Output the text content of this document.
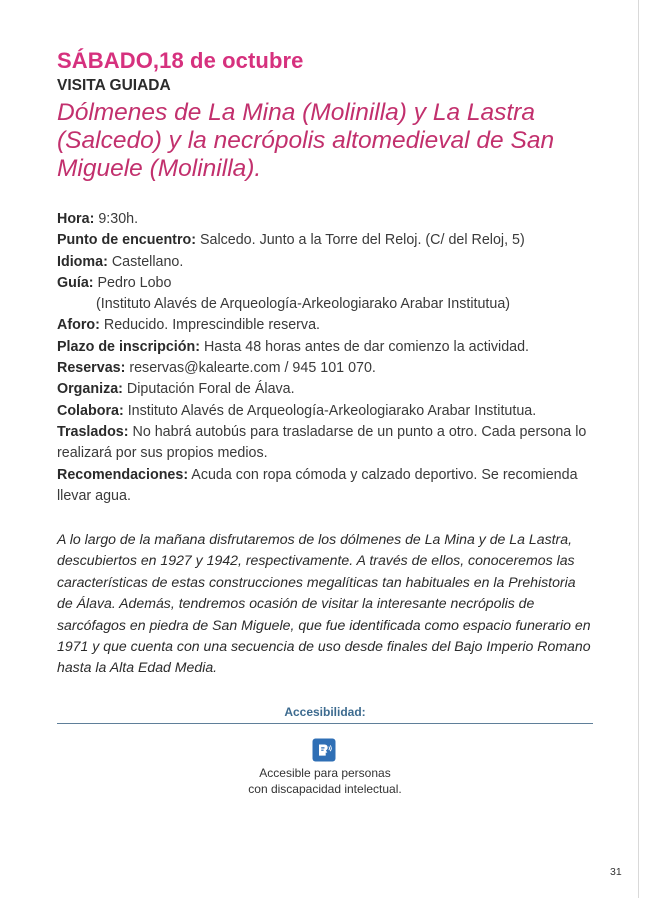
SÁBADO,18 de octubre
VISITA GUIADA
Dólmenes de La Mina (Molinilla) y La Lastra (Salcedo) y la necrópolis altomedieval de San Miguele (Molinilla).

Hora: 9:30h.

Punto de encuentro: Salcedo. Junto a la Torre del Reloj. (C/ del Reloj, 5)

Idioma: Castellano.

Guía: Pedro Lobo

(Instituto Alavés de Arqueología-Arkeologiarako Arabar Institutua)

Aforo: Reducido. Imprescindible reserva.

Plazo de inscripción: Hasta 48 horas antes de dar comienzo la actividad.

Reservas: reservas@kalearte.com / 945 101 070.

Organiza: Diputación Foral de Álava.

Colabora: Instituto Alavés de Arqueología-Arkeologiarako Arabar Institutua.

Traslados: No habrá autobús para trasladarse de un punto a otro. Cada persona lo realizará por sus propios medios.

Recomendaciones: Acuda con ropa cómoda y calzado deportivo. Se recomienda llevar agua.

A lo largo de la mañana disfrutaremos de los dólmenes de La Mina y de La Lastra, descubiertos en 1927 y 1942, respectivamente. A través de ellos, conoceremos las características de estas construcciones megalíticas tan habituales en la Prehistoria de Álava. Además, tendremos ocasión de visitar la interesante necrópolis de sarcófagos en piedra de San Miguele, que fue identificada como espacio funerario en 1971 y que cuenta con una secuencia de uso desde finales del Bajo Imperio Romano hasta la Alta Edad Media.
Accesibilidad:
Accesible para personas
con discapacidad intelectual.
31
